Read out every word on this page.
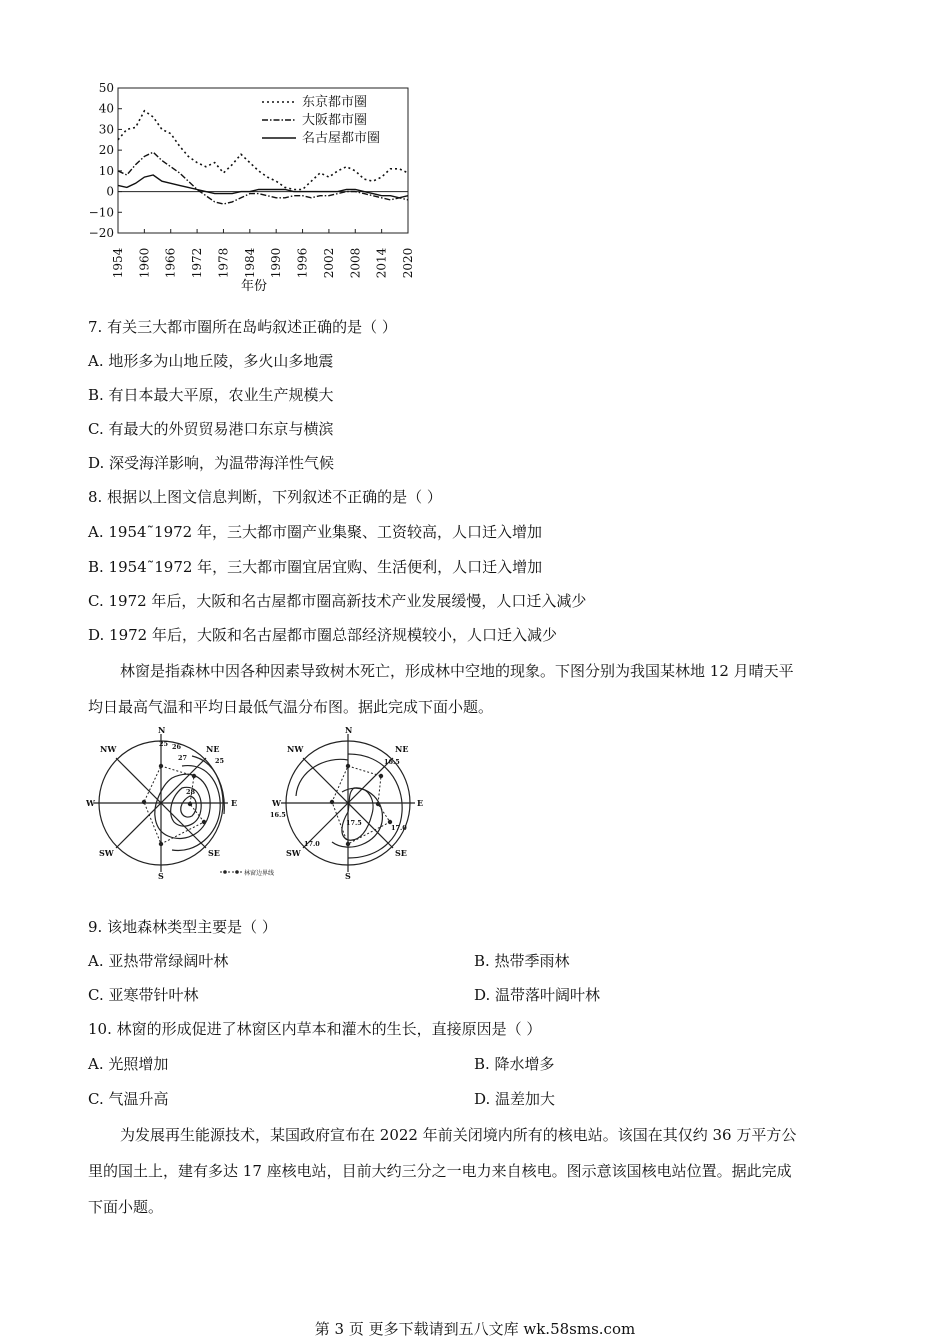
50
40
30
20
10
0
−10
−20
1954 1960 1966 1972 1978 1984 1990 1996 2002 2008 2014 2020
东京都市圈
大阪都市圈
名古屋都市圈
年份
7. 有关三大都市圈所在岛屿叙述正确的是（ ）
A. 地形多为山地丘陵，多火山多地震
B. 有日本最大平原，农业生产规模大
C. 有最大的外贸贸易港口东京与横滨
D. 深受海洋影响，为温带海洋性气候
8. 根据以上图文信息判断，下列叙述不正确的是（ ）
A. 1954˜1972 年，三大都市圈产业集聚、工资较高，人口迁入增加
B. 1954˜1972 年，三大都市圈宜居宜购、生活便利，人口迁入增加
C. 1972 年后，大阪和名古屋都市圈高新技术产业发展缓慢，人口迁入减少
D. 1972 年后，大阪和名古屋都市圈总部经济规模较小，人口迁入减少
林窗是指森林中因各种因素导致树木死亡，形成林中空地的现象。下图分别为我国某林地 12 月晴天平
均日最高气温和平均日最低气温分布图。据此完成下面小题。
N
NE
E
SE
S
SW
W
NW	25 26
27
28
25
林窗边界线
N
NE
E
SE
S
SW
W
NW
16.5
16.5
17.0
17.5
17.0
9. 该地森林类型主要是（ ）
A. 亚热带常绿阔叶林	B. 热带季雨林
C. 亚寒带针叶林	D. 温带落叶阔叶林
10. 林窗的形成促进了林窗区内草本和灌木的生长，直接原因是（ ）
A. 光照增加	B. 降水增多
C. 气温升高	D. 温差加大
为发展再生能源技术，某国政府宣布在 2022 年前关闭境内所有的核电站。该国在其仅约 36 万平方公
里的国土上，建有多达 17 座核电站，目前大约三分之一电力来自核电。图示意该国核电站位置。据此完成
下面小题。
第 3 页 更多下载请到五八文库 wk.58sms.com
